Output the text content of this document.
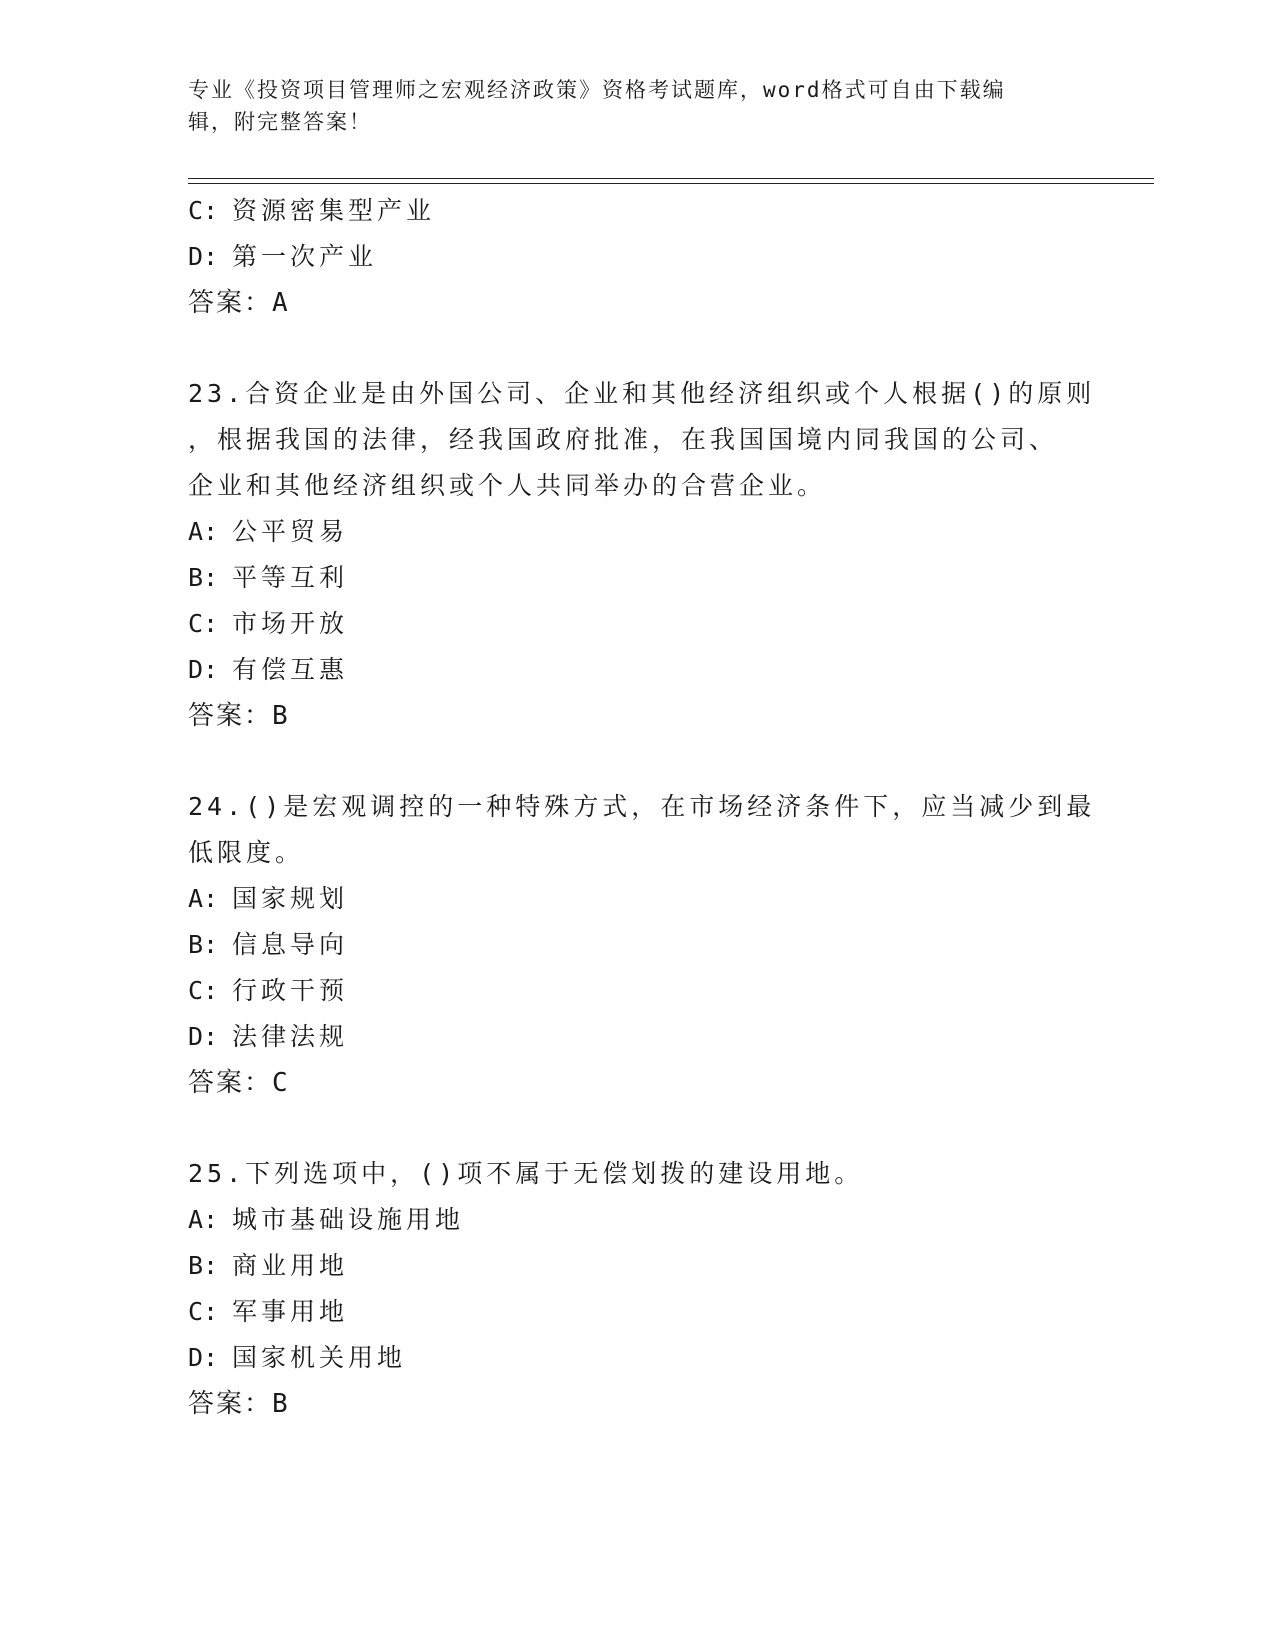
专业《投资项目管理师之宏观经济政策》资格考试题库，word格式可自由下载编
辑，附完整答案！
C: 资源密集型产业
D: 第一次产业
答案：A
23.合资企业是由外国公司、企业和其他经济组织或个人根据()的原则
，根据我国的法律，经我国政府批准，在我国国境内同我国的公司、
企业和其他经济组织或个人共同举办的合营企业。
A: 公平贸易
B: 平等互利
C: 市场开放
D: 有偿互惠
答案：B
24.()是宏观调控的一种特殊方式，在市场经济条件下，应当减少到最
低限度。
A: 国家规划
B: 信息导向
C: 行政干预
D: 法律法规
答案：C
25.下列选项中，()项不属于无偿划拨的建设用地。
A: 城市基础设施用地
B: 商业用地
C: 军事用地
D: 国家机关用地
答案：B
